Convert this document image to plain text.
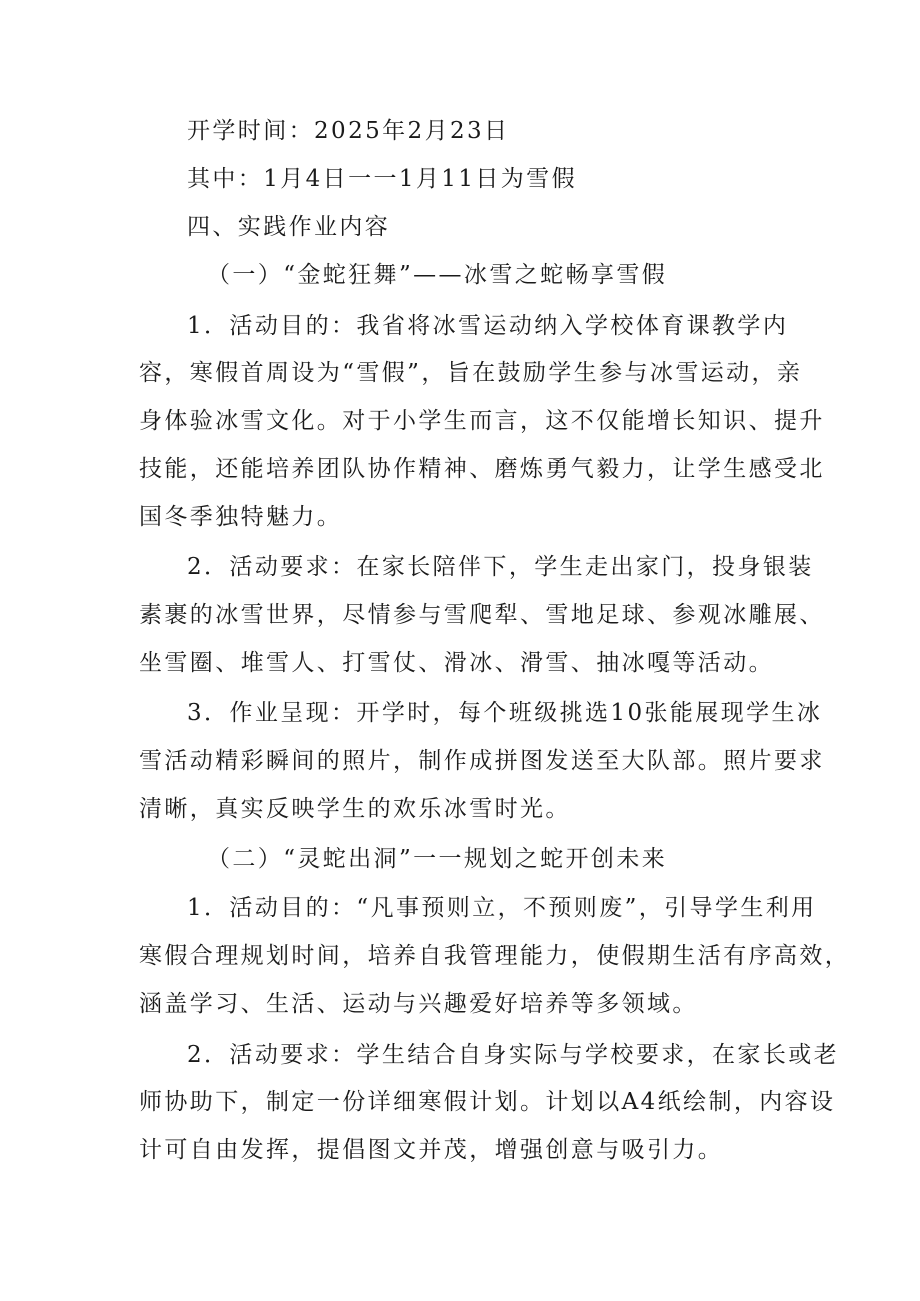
开学时间：2025年2月23日
其中：1月4日一一1月11日为雪假
四、实践作业内容
（一）“金蛇狂舞”——冰雪之蛇畅享雪假
1．活动目的：我省将冰雪运动纳入学校体育课教学内
容，寒假首周设为“雪假”，旨在鼓励学生参与冰雪运动，亲
身体验冰雪文化。对于小学生而言，这不仅能增长知识、提升
技能，还能培养团队协作精神、磨炼勇气毅力，让学生感受北
国冬季独特魅力。
2．活动要求：在家长陪伴下，学生走出家门，投身银装
素裹的冰雪世界，尽情参与雪爬犁、雪地足球、参观冰雕展、
坐雪圈、堆雪人、打雪仗、滑冰、滑雪、抽冰嘎等活动。
3．作业呈现：开学时，每个班级挑选10张能展现学生冰
雪活动精彩瞬间的照片，制作成拼图发送至大队部。照片要求
清晰，真实反映学生的欢乐冰雪时光。
（二）“灵蛇出洞”一一规划之蛇开创未来
1．活动目的：“凡事预则立，不预则废”，引导学生利用
寒假合理规划时间，培养自我管理能力，使假期生活有序高效，
涵盖学习、生活、运动与兴趣爱好培养等多领域。
2．活动要求：学生结合自身实际与学校要求，在家长或老
师协助下，制定一份详细寒假计划。计划以A4纸绘制，内容设
计可自由发挥，提倡图文并茂，增强创意与吸引力。
